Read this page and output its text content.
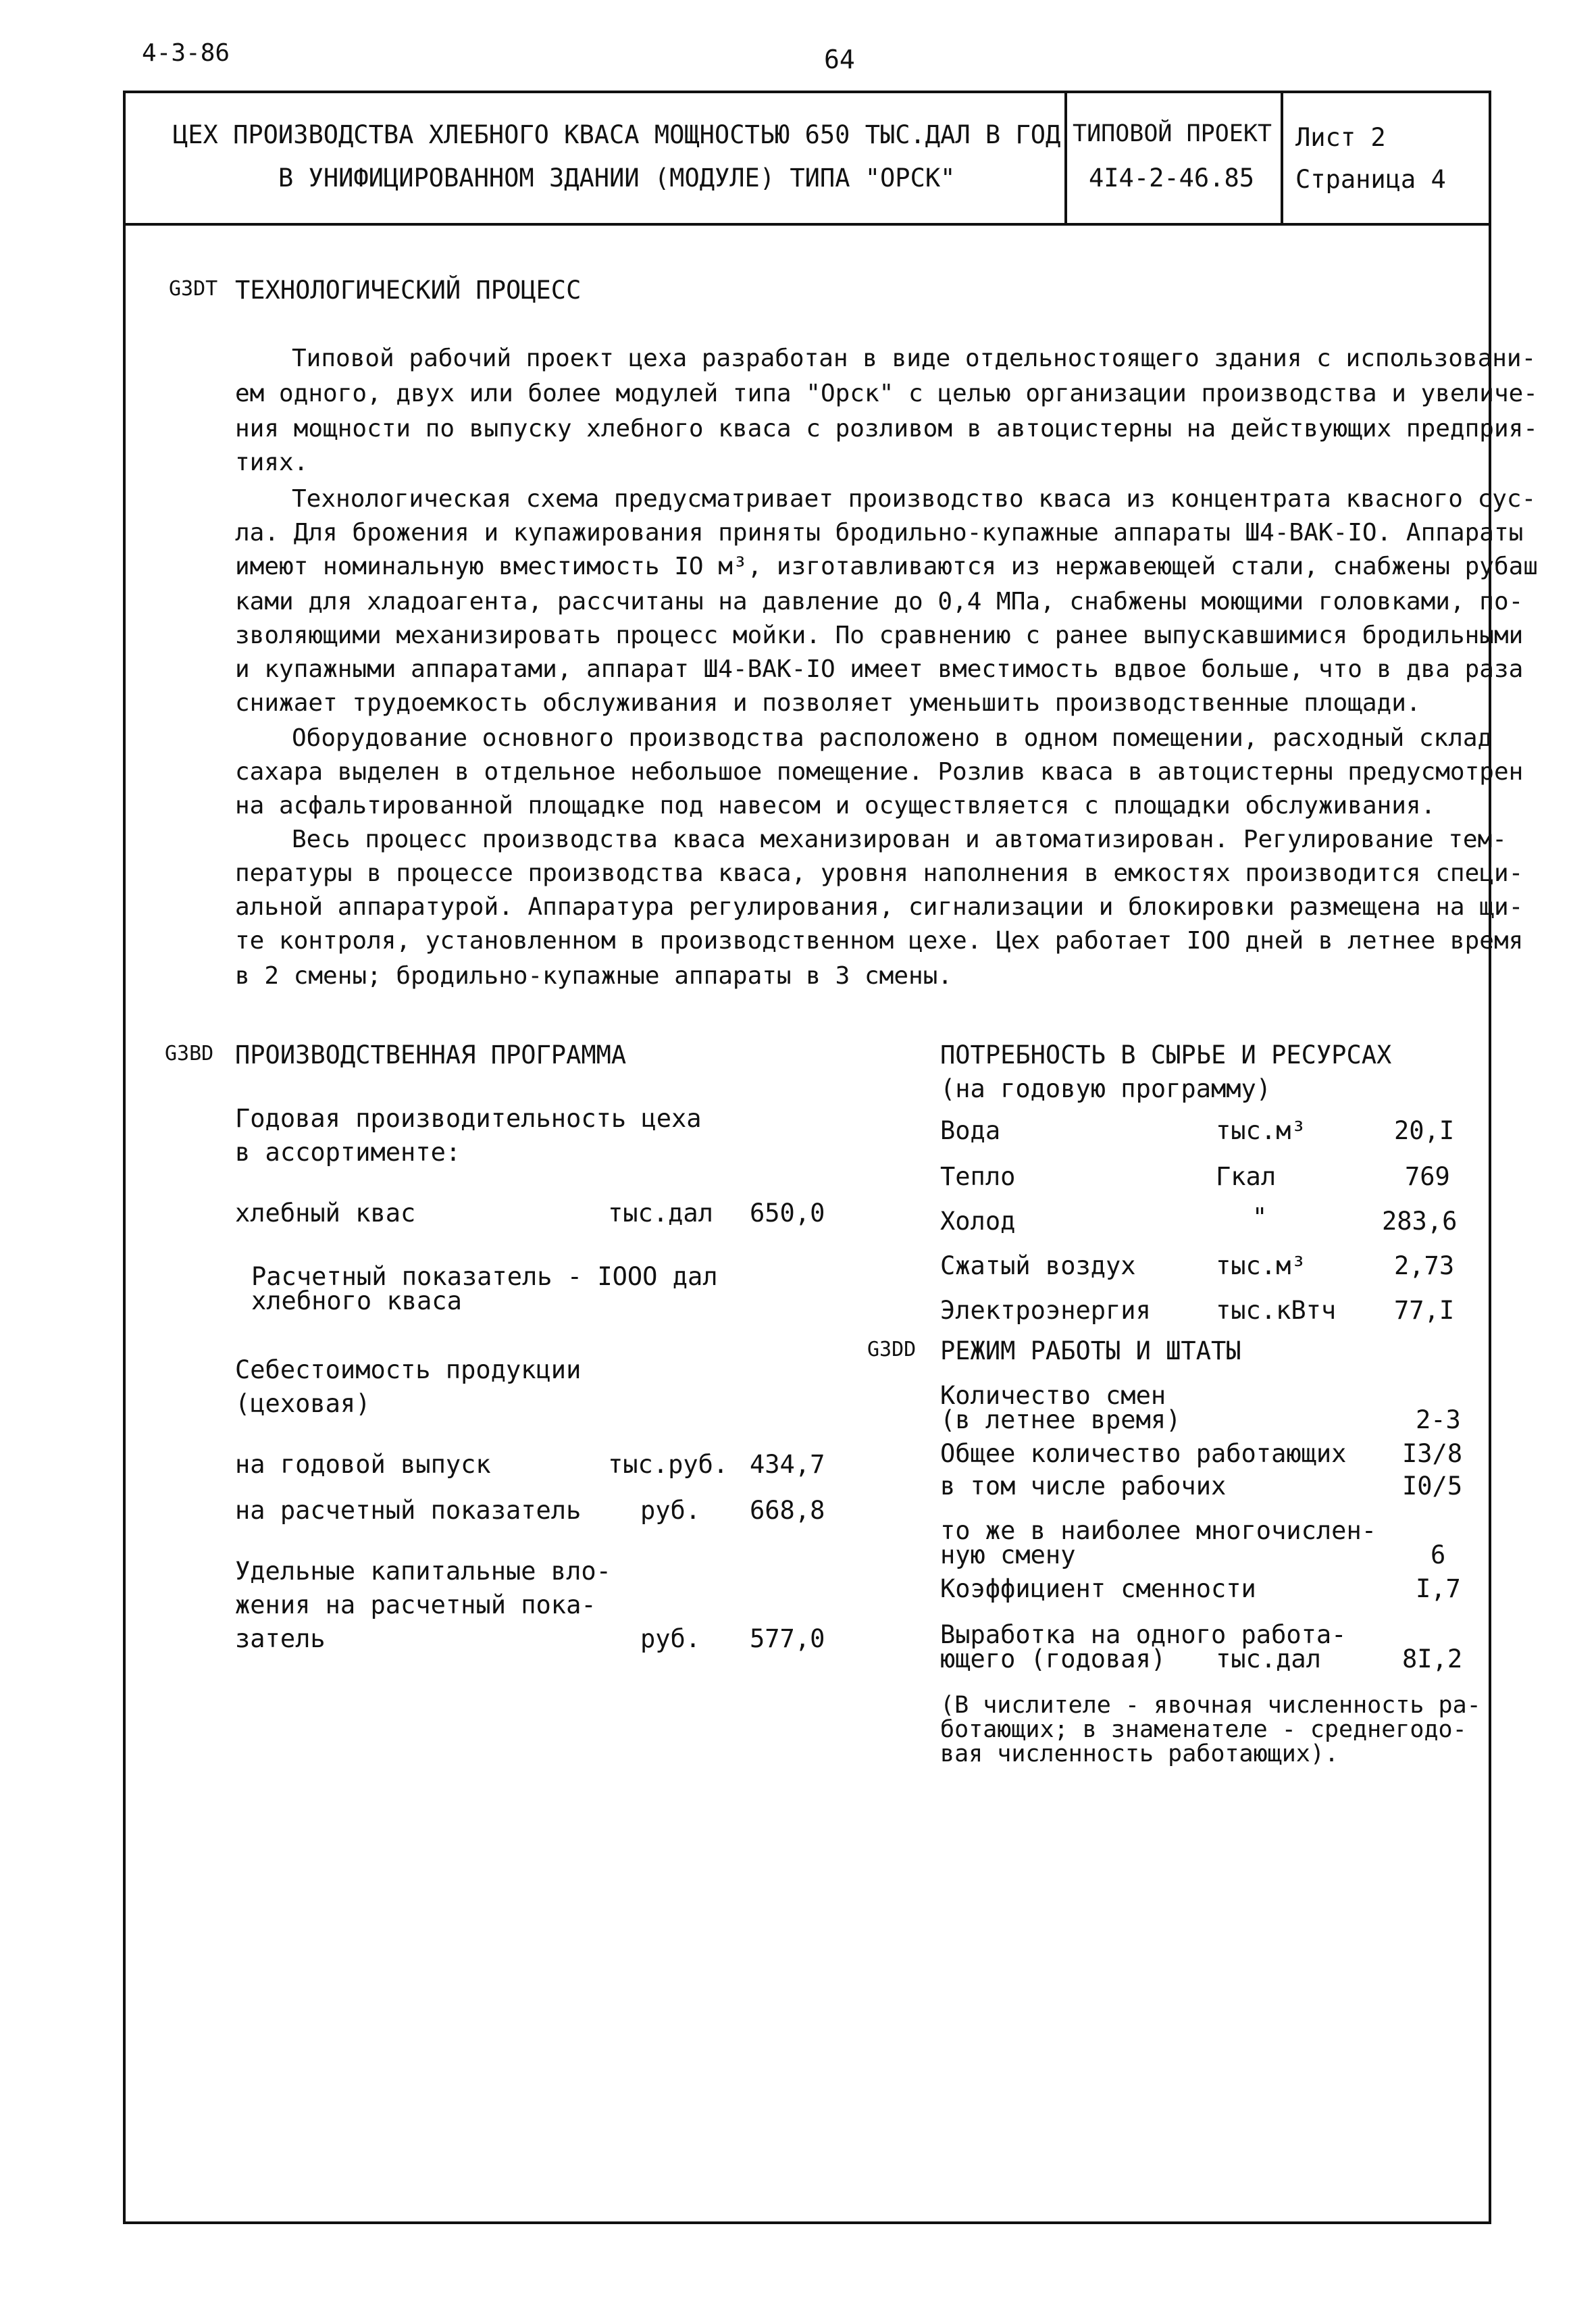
4-3-86	64
ЦЕХ ПРОИЗВОДСТВА ХЛЕБНОГО КВАСА МОЩНОСТЬЮ 650 ТЫС.ДАЛ В ГОД
В УНИФИЦИРОВАННОМ ЗДАНИИ (МОДУЛЕ) ТИПА "ОРСК"
ТИПОВОЙ ПРОЕКТ
4I4-2-46.85
Лист 2
Страница 4
G3DT ТЕХНОЛОГИЧЕСКИЙ ПРОЦЕСС
Типовой рабочий проект цеха разработан в виде отдельностоящего здания с использовани-
ем одного, двух или более модулей типа "Орск" с целью организации производства и увеличе-
ния мощности по выпуску хлебного кваса с розливом в автоцистерны на действующих предприя-
тиях.
Технологическая схема предусматривает производство кваса из концентрата квасного сус-
ла. Для брожения и купажирования приняты бродильно-купажные аппараты Ш4-ВАК-IO. Аппараты
имеют номинальную вместимость IO м³, изготавливаются из нержавеющей стали, снабжены рубаш
ками для хладоагента, рассчитаны на давление до 0,4 МПа, снабжены моющими головками, по-
зволяющими механизировать процесс мойки. По сравнению с ранее выпускавшимися бродильными
и купажными аппаратами, аппарат Ш4-ВАК-IO имеет вместимость вдвое больше, что в два раза
снижает трудоемкость обслуживания и позволяет уменьшить производственные площади.
Оборудование основного производства расположено в одном помещении, расходный склад
сахара выделен в отдельное небольшое помещение. Розлив кваса в автоцистерны предусмотрен
на асфальтированной площадке под навесом и осуществляется с площадки обслуживания.
Весь процесс производства кваса механизирован и автоматизирован. Регулирование тем-
пературы в процессе производства кваса, уровня наполнения в емкостях производится специ-
альной аппаратурой. Аппаратура регулирования, сигнализации и блокировки размещена на щи-
те контроля, установленном в производственном цехе. Цех работает IOO дней в летнее время
в 2 смены; бродильно-купажные аппараты в 3 смены.
G3BD ПРОИЗВОДСТВЕННАЯ ПРОГРАММА
Годовая производительность цеха
в ассортименте:
хлебный квас	тыс.дал 650,0
Расчетный показатель - IOOO дал
хлебного кваса
Себестоимость продукции
(цеховая)
на годовой выпуск	тыс.руб. 434,7
на расчетный показатель руб. 668,8
Удельные капитальные вло-
жения на расчетный пока-
затель	руб. 577,0
ПОТРЕБНОСТЬ В СЫРЬЕ И РЕСУРСАХ
(на годовую программу)
Вода	тыс.м³	20,I
Тепло	Гкал	769
Холод	"	283,6
Сжатый воздух	тыс.м³	2,73
Электроэнергия	тыс.кВтч 77,I
G3DD РЕЖИМ РАБОТЫ И ШТАТЫ
Количество смен
(в летнее время)	2-3
Общее количество работающих I3/8
в том числе рабочих	I0/5
то же в наиболее многочислен-
ную смену	6
Коэффициент сменности	I,7
Выработка на одного работа-
ющего (годовая) тыс.дал	8I,2
(В числителе - явочная численность ра-
ботающих; в знаменателе - среднегодо-
вая численность работающих).
